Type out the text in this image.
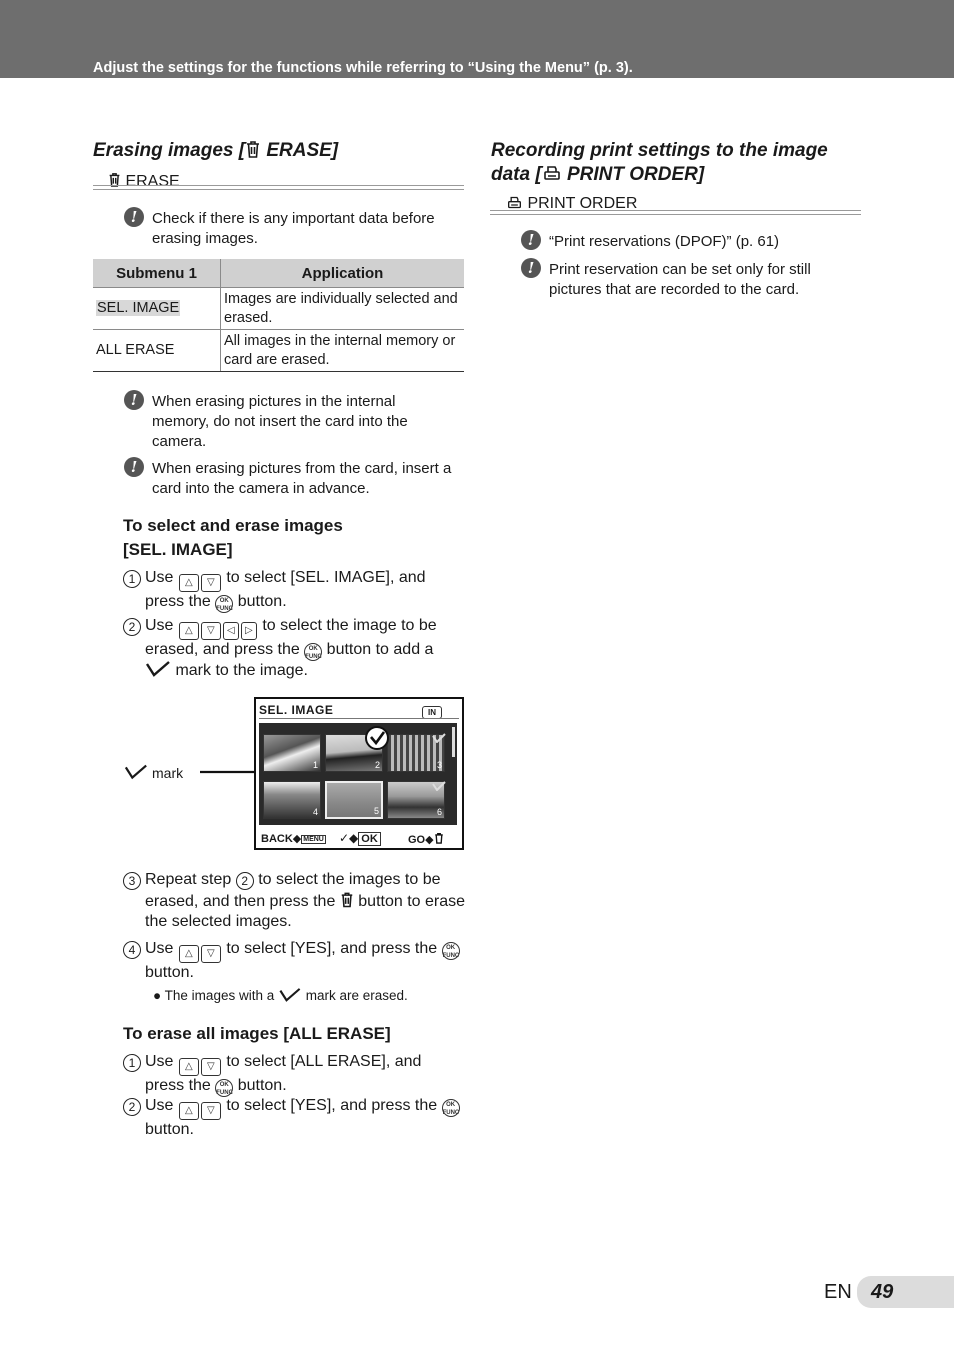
Adjust the settings for the functions while referring to “Using the Menu” (p. 3).
Erasing images [ ERASE]
ERASE
! Check if there is any important data before erasing images.
Submenu 1	Application
SEL. IMAGE	Images are individually selected and erased.
ALL ERASE	All images in the internal memory or card are erased.
! When erasing pictures in the internal memory, do not insert the card into the camera.
! When erasing pictures from the card, insert a card into the camera in advance.
To select and erase images
[SEL. IMAGE]
1 Use △ ▽ to select [SEL. IMAGE], and press the OK
FUNC button.
2 Use △ ▽ ◁ ▷ to select the image to be erased, and press the OK
FUNC button to add a  mark to the image.
mark
SEL. IMAGE	IN
1	2	3
4	5	6
BACK◆ MENU ✓◆ OK	GO◆
3 Repeat step 2 to select the images to be erased, and then press the button to erase the selected images.
4 Use △ ▽ to select [YES], and press the OK
FUNC button.
● The images with a mark are erased.
To erase all images [ALL ERASE]
1 Use △ ▽ to select [ALL ERASE], and press the OK
FUNC button.
2 Use △ ▽ to select [YES], and press the OK
FUNC button.
Recording print settings to the image
data [ PRINT ORDER]
PRINT ORDER
! “Print reservations (DPOF)” (p. 61)
! Print reservation can be set only for still pictures that are recorded to the card.
EN 49
